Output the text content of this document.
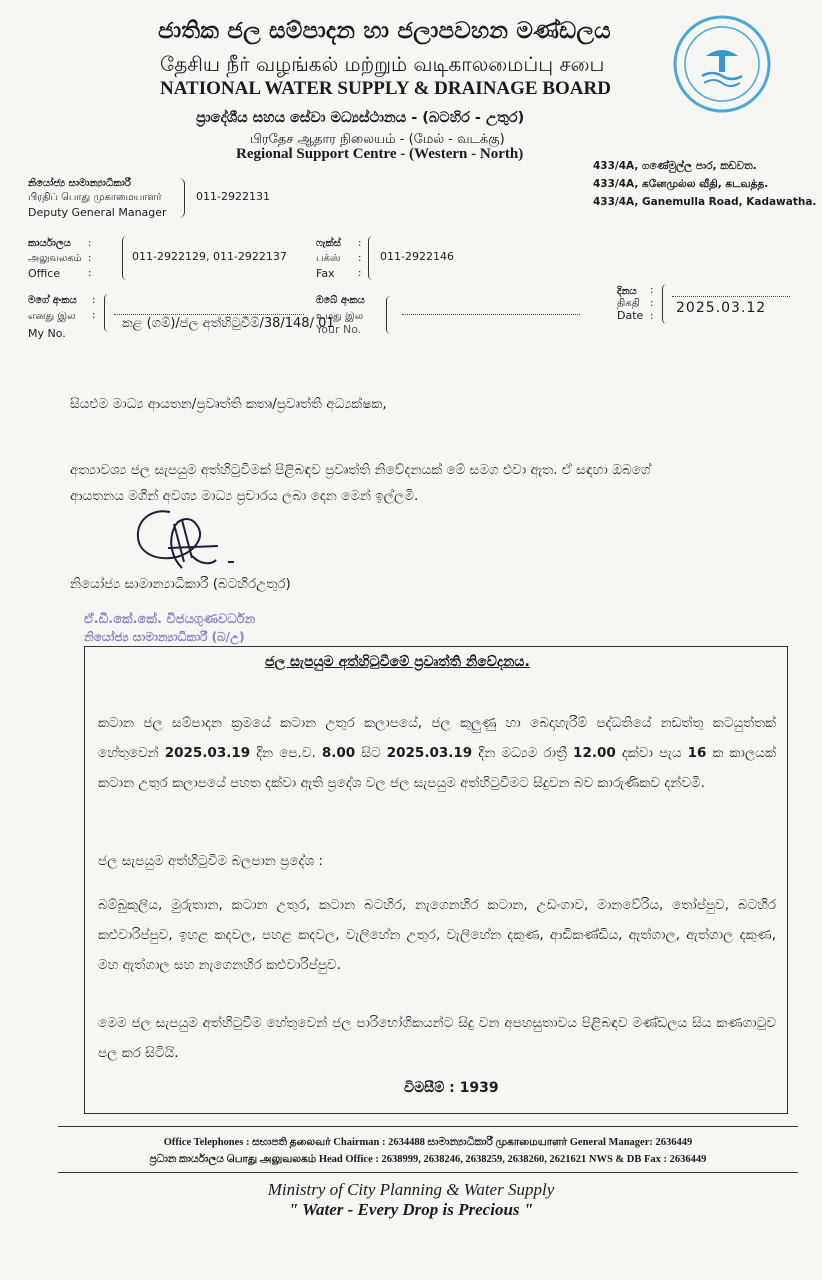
ජාතික ජල සම්පාදන හා ජලාපවහන මණ්ඩලය
தேசிய நீர் வழங்கல் மற்றும் வடிகாலமைப்பு சபை
NATIONAL WATER SUPPLY & DRAINAGE BOARD
ප්‍රාදේශීය සහය සේවා මධ්‍යස්ථානය - (බටහිර - උතුර)
பிரதேச ஆதார நிலையம் - (மேல் - வடக்கு)
Regional Support Centre - (Western - North)
433/4A, ගණේමුල්ල පාර, කඩවත.
433/4A, கனேமுல்ல வீதி, கடவத்த.
433/4A, Ganemulla Road, Kadawatha.
නියෝජ්‍ය සාමාන්‍යාධිකාරී
பிரதிப் பொது முகாமையாளர்
Deputy General Manager
011-2922131
කාර්යාලය
அலுவலகம்
Office
:
:
:
011-2922129, 011-2922137
ෆැක්ස්
பக்ஸ்
Fax
:
:
:
011-2922146
මගේ අංකය
எனது இல
My No.
:
:
කළ (ගම්)/ජල අත්හිටුවීම්/38/148/ 01
ඔබේ අංකය
உமது இல
Your No.
දිනය
திகதி
Date
:
:
:
2025.03.12
සියළුම මාධ්‍ය ආයතන/ප්‍රවෘත්ති කතෘ/ප්‍රවෘත්ති අධ්‍යක්ෂක,
අත්‍යාවශ්‍ය ජල සැපයුම අත්හිටුවීමක් පිළිබඳව ප්‍රවෘත්ති නිවේදනයක් මේ සමග එවා ඇත. ඒ සඳහා ඔබගේ
ආයතනය මගින් අවශ්‍ය මාධ්‍ය ප්‍රචාරය ලබා දෙන මෙන් ඉල්ලමි.
නියෝජ්‍ය සාමාන්‍යාධිකාරී (බටහිරඋතුර)
ඒ.ඩී.කේ.කේ. විජයගුණවර්ධන
නියෝජ්‍ය සාමාන්‍යාධිකාරී (බ/උ)
ජල සැපයුම අත්හිටුවීමේ ප්‍රවෘත්ති නිවේදනය.
කටාන ජල සම්පාදන ක්‍රමයේ කටාන උතුර කලාපයේ, ජල කුලුණු හා බෙදාහැරීම් පද්ධතියේ නඩත්තු කටයුත්තක් හේතුවෙන් 2025.03.19 දින පෙ.ව. 8.00 සිට 2025.03.19 දින මධ්‍යම රාත්‍රී 12.00 දක්වා පැය 16 ක කාලයක් කටාන උතුර කලාපයේ පහත දක්වා ඇති ප්‍රදේශ වල ජල සැපයුම අත්හිටුවීමට සිදුවන බව කාරුණිකව දන්වමි.
ජල සැපයුම අත්හිටුවීම බලපාන ප්‍රදේශ :
බම්බුකුලිය, මුරුතාන, කටාන උතුර, කටාන බටහිර, නැගෙනහිර කටාන, උඩංගාව, මානවේරිය, තෝප්පුව, බටහිර කළුවාරිප්පුව, ඉහළ කදවල, පහළ කදවල, වැලිහේන උතුර, වැලිහේන දකුණ, ආඩිකණ්ඩිය, ඇත්ගාල, ඇත්ගාල දකුණ, මහ ඇත්ගාල සහ නැගෙනහිර කළුවාරිප්පුව.
මෙම ජල සැපයුම අත්හිටුවීම හේතුවෙන් ජල පාරිභෝගිකයන්ට සිදු වන අපහසුතාවය පිළිබඳව මණ්ඩලය සිය කණගාටුව පල කර සිටියි.
විමසීම් : 1939
Office Telephones : සභාපති தலைவர் Chairman : 2634488 සාමාන්‍යාධිකාරී முகாமையாளர் General Manager: 2636449
ප්‍රධාන කාර්යාලය பொது அலுவலகம் Head Office : 2638999, 2638246, 2638259, 2638260, 2621621 NWS & DB Fax : 2636449
Ministry of City Planning & Water Supply
" Water - Every Drop is Precious "
